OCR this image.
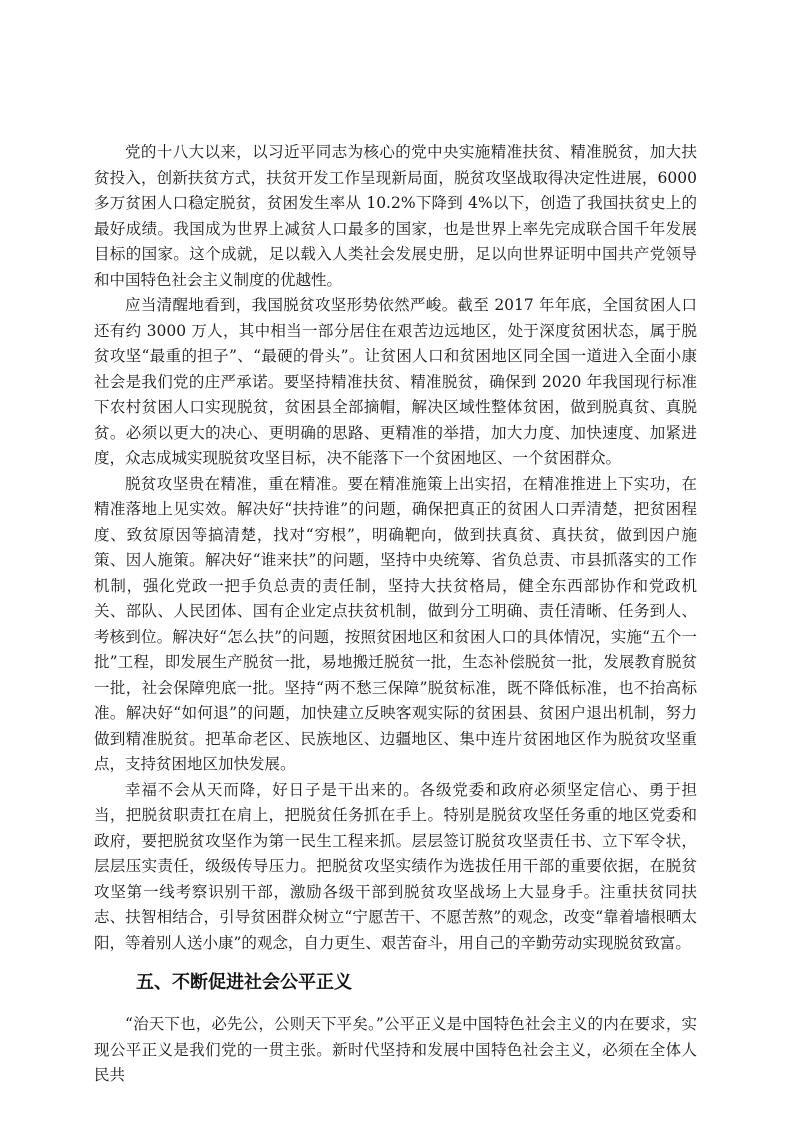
党的十八大以来，以习近平同志为核心的党中央实施精准扶贫、精准脱贫，加大扶贫投入，创新扶贫方式，扶贫开发工作呈现新局面，脱贫攻坚战取得决定性进展，6000 多万贫困人口稳定脱贫，贫困发生率从 10.2%下降到 4%以下，创造了我国扶贫史上的最好成绩。我国成为世界上减贫人口最多的国家，也是世界上率先完成联合国千年发展目标的国家。这个成就，足以载入人类社会发展史册，足以向世界证明中国共产党领导和中国特色社会主义制度的优越性。

应当清醒地看到，我国脱贫攻坚形势依然严峻。截至 2017 年年底，全国贫困人口还有约 3000 万人，其中相当一部分居住在艰苦边远地区，处于深度贫困状态，属于脱贫攻坚“最重的担子”、“最硬的骨头”。让贫困人口和贫困地区同全国一道进入全面小康社会是我们党的庄严承诺。要坚持精准扶贫、精准脱贫，确保到 2020 年我国现行标准下农村贫困人口实现脱贫，贫困县全部摘帽，解决区域性整体贫困，做到脱真贫、真脱贫。必须以更大的决心、更明确的思路、更精准的举措，加大力度、加快速度、加紧进度，众志成城实现脱贫攻坚目标，决不能落下一个贫困地区、一个贫困群众。

脱贫攻坚贵在精准，重在精准。要在精准施策上出实招，在精准推进上下实功，在精准落地上见实效。解决好“扶持谁”的问题，确保把真正的贫困人口弄清楚，把贫困程度、致贫原因等搞清楚，找对“穷根”，明确靶向，做到扶真贫、真扶贫，做到因户施策、因人施策。解决好“谁来扶”的问题，坚持中央统筹、省负总责、市县抓落实的工作机制，强化党政一把手负总责的责任制，坚持大扶贫格局，健全东西部协作和党政机关、部队、人民团体、国有企业定点扶贫机制，做到分工明确、责任清晰、任务到人、考核到位。解决好“怎么扶”的问题，按照贫困地区和贫困人口的具体情况，实施“五个一批”工程，即发展生产脱贫一批，易地搬迁脱贫一批，生态补偿脱贫一批，发展教育脱贫一批，社会保障兜底一批。坚持“两不愁三保障”脱贫标准，既不降低标准，也不抬高标准。解决好“如何退”的问题，加快建立反映客观实际的贫困县、贫困户退出机制，努力做到精准脱贫。把革命老区、民族地区、边疆地区、集中连片贫困地区作为脱贫攻坚重点，支持贫困地区加快发展。

幸福不会从天而降，好日子是干出来的。各级党委和政府必须坚定信心、勇于担当，把脱贫职责扛在肩上，把脱贫任务抓在手上。特别是脱贫攻坚任务重的地区党委和政府，要把脱贫攻坚作为第一民生工程来抓。层层签订脱贫攻坚责任书、立下军令状，层层压实责任，级级传导压力。把脱贫攻坚实绩作为选拔任用干部的重要依据，在脱贫攻坚第一线考察识别干部，激励各级干部到脱贫攻坚战场上大显身手。注重扶贫同扶志、扶智相结合，引导贫困群众树立“宁愿苦干、不愿苦熬”的观念，改变“靠着墙根晒太阳，等着别人送小康”的观念，自力更生、艰苦奋斗，用自己的辛勤劳动实现脱贫致富。

五、不断促进社会公平正义

“治天下也，必先公，公则天下平矣。”公平正义是中国特色社会主义的内在要求，实现公平正义是我们党的一贯主张。新时代坚持和发展中国特色社会主义，必须在全体人民共
